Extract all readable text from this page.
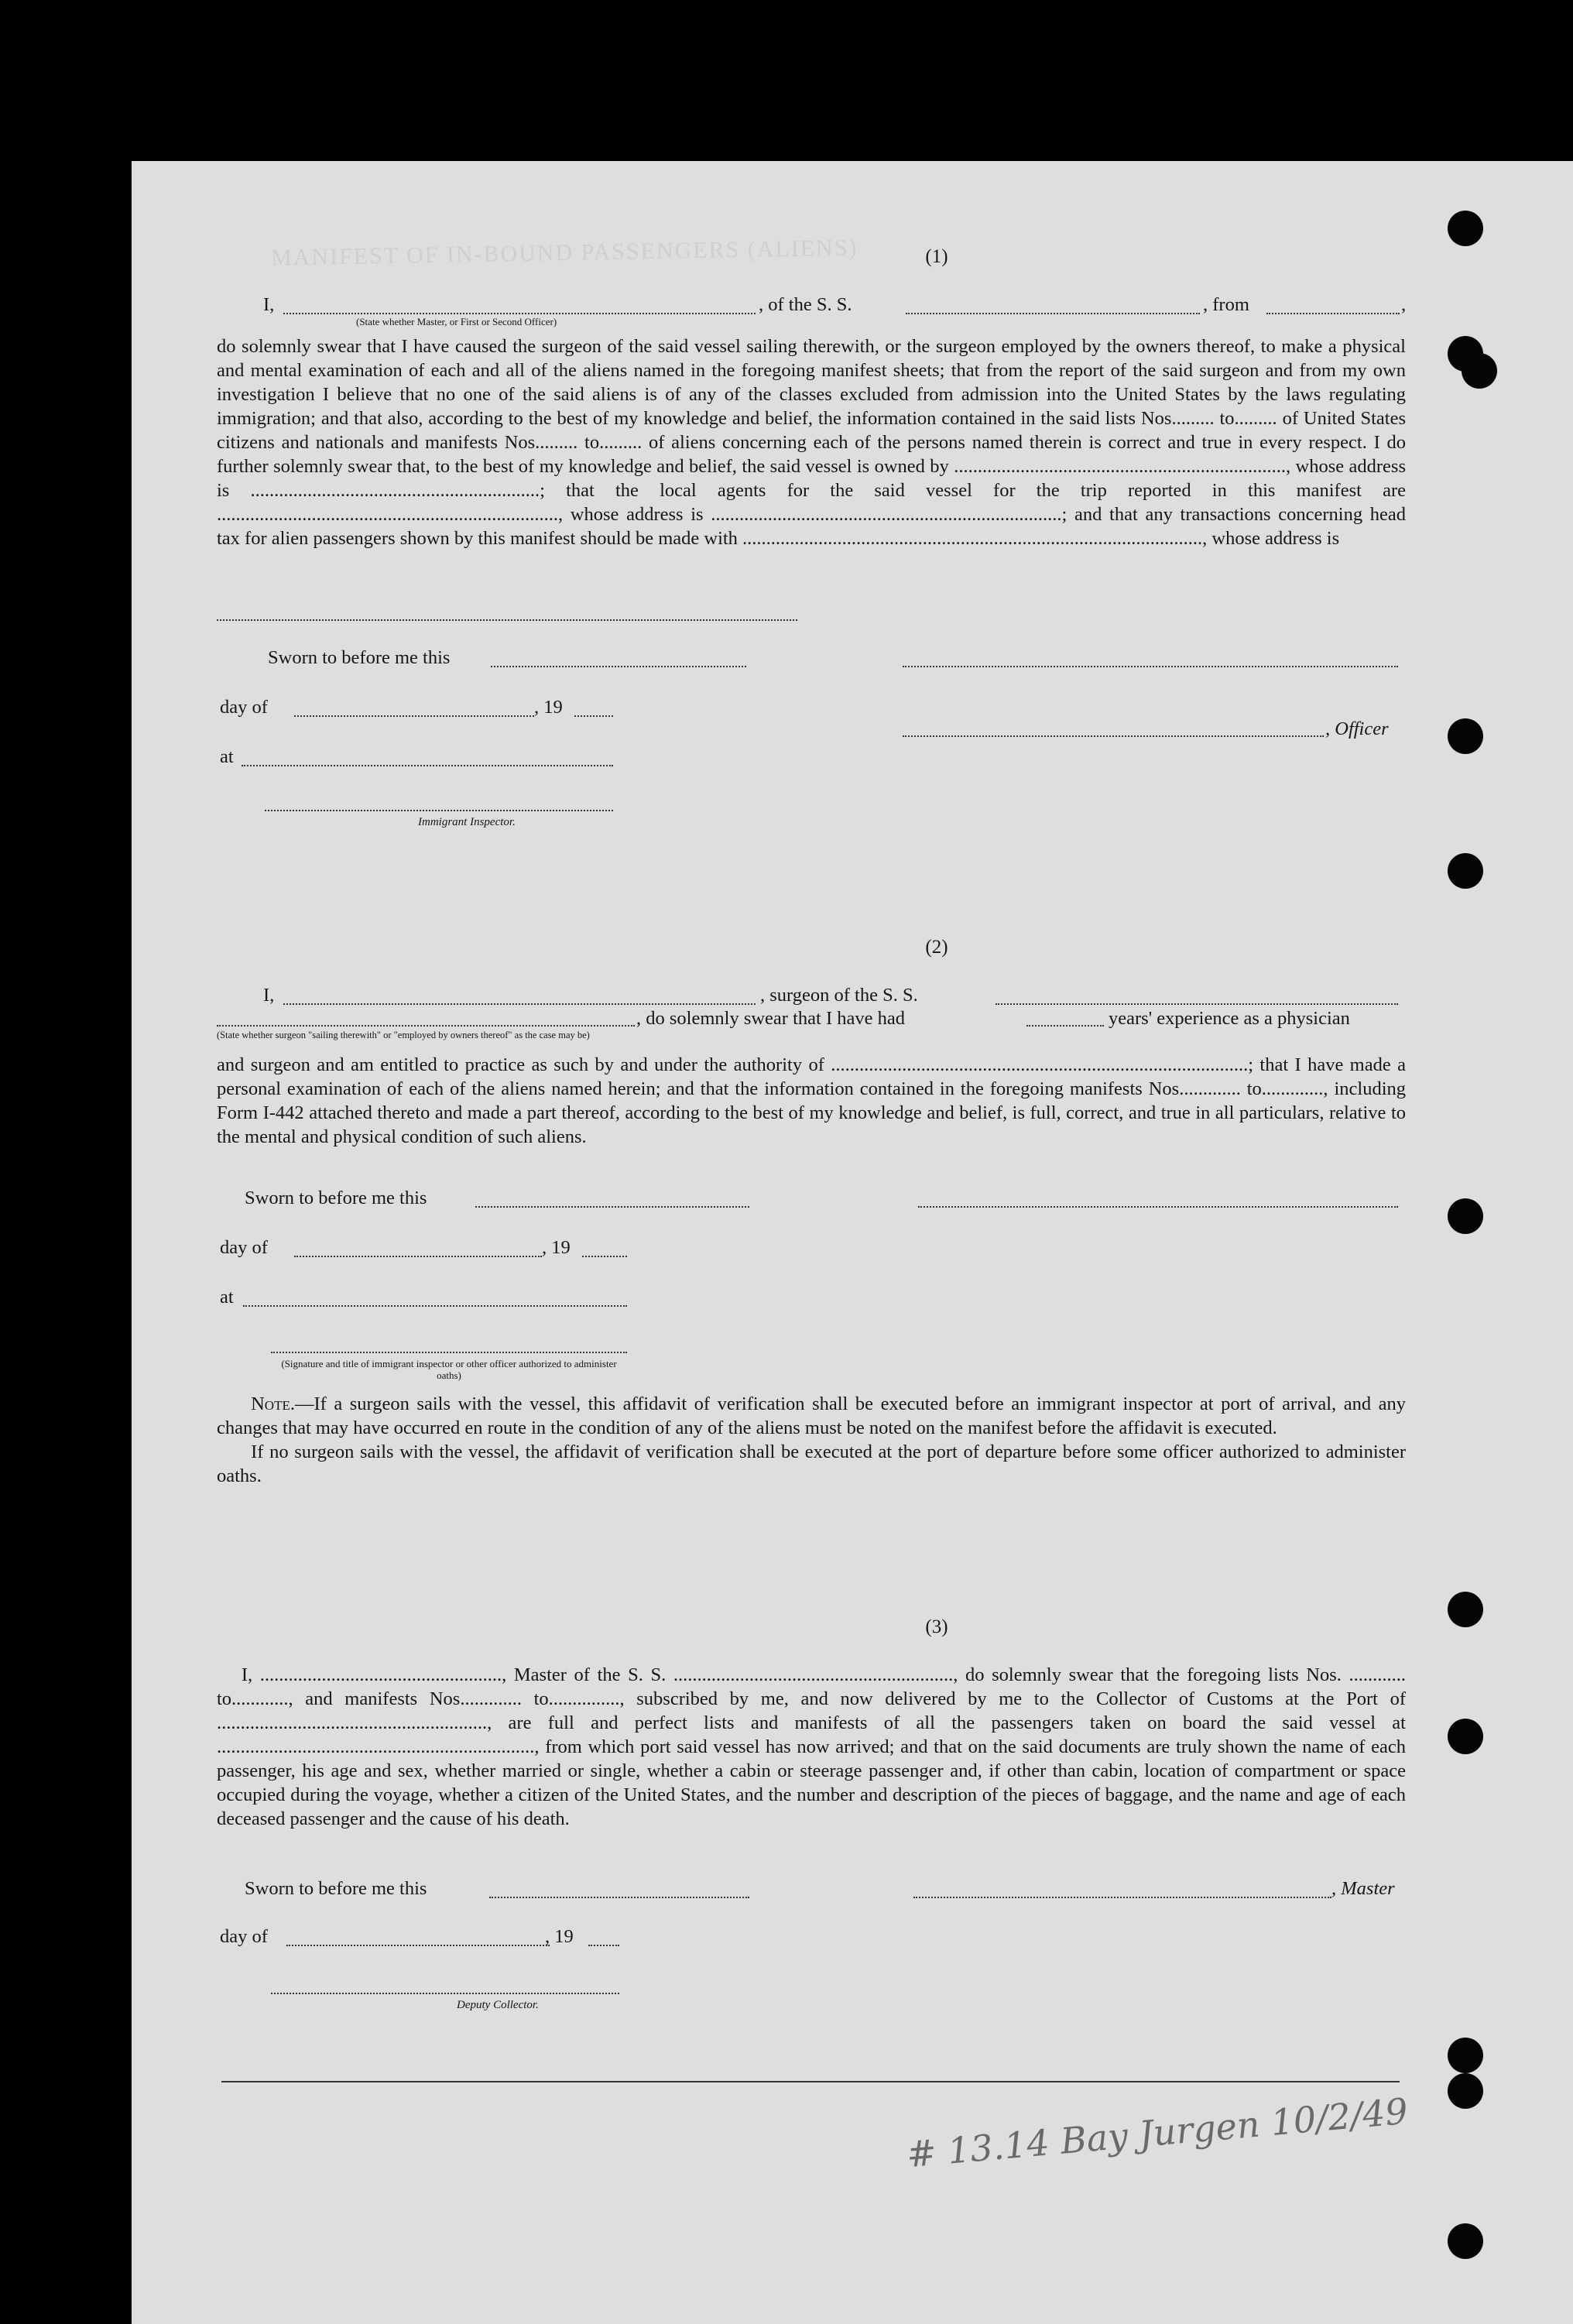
MANIFEST OF IN-BOUND PASSENGERS (ALIENS)	(1)
I,	, of the S. S.	, from	,
(State whether Master, or First or Second Officer)

do solemnly swear that I have caused the surgeon of the said vessel sailing therewith, or the surgeon employed by the owners thereof, to make a physical and mental examination of each and all of the aliens named in the foregoing manifest sheets; that from the report of the said surgeon and from my own investigation I believe that no one of the said aliens is of any of the classes excluded from admission into the United States by the laws regulating immigration; and that also, according to the best of my knowledge and belief, the information contained in the said lists Nos......... to......... of United States citizens and nationals and manifests Nos......... to......... of aliens concerning each of the persons named therein is correct and true in every respect. I do further solemnly swear that, to the best of my knowledge and belief, the said vessel is owned by ......................................................................, whose address is .............................................................; that the local agents for the said vessel for the trip reported in this manifest are ........................................................................, whose address is ..........................................................................; and that any transactions concerning head tax for alien passengers shown by this manifest should be made with ................................................................................................., whose address is

Sworn to before me this
day of	, 19
, Officer
at
Immigrant Inspector.
(2)
I,	, surgeon of the S. S.
, do solemnly swear that I have had	years' experience as a physician
(State whether surgeon "sailing therewith" or "employed by owners thereof" as the case may be)

and surgeon and am entitled to practice as such by and under the authority of ........................................................................................; that I have made a personal examination of each of the aliens named herein; and that the information contained in the foregoing manifests Nos............. to............., including Form I-442 attached thereto and made a part thereof, according to the best of my knowledge and belief, is full, correct, and true in all particulars, relative to the mental and physical condition of such aliens.

Sworn to before me this
day of	, 19
at
(Signature and title of immigrant inspector or other officer authorized to administer oaths)

Note.—If a surgeon sails with the vessel, this affidavit of verification shall be executed before an immigrant inspector at port of arrival, and any changes that may have occurred en route in the condition of any of the aliens must be noted on the manifest before the affidavit is executed.

If no surgeon sails with the vessel, the affidavit of verification shall be executed at the port of departure before some officer authorized to administer oaths.

(3)

I, ..................................................., Master of the S. S. ..........................................................., do solemnly swear that the foregoing lists Nos. ............ to............, and manifests Nos............. to..............., subscribed by me, and now delivered by me to the Collector of Customs at the Port of ........................................................., are full and perfect lists and manifests of all the passengers taken on board the said vessel at ..................................................................., from which port said vessel has now arrived; and that on the said documents are truly shown the name of each passenger, his age and sex, whether married or single, whether a cabin or steerage passenger and, if other than cabin, location of compartment or space occupied during the voyage, whether a citizen of the United States, and the number and description of the pieces of baggage, and the name and age of each deceased passenger and the cause of his death.

Sworn to before me this	, Master
day of	, 19
Deputy Collector.
# 13.14 Bay Jurgen 10/2/49
